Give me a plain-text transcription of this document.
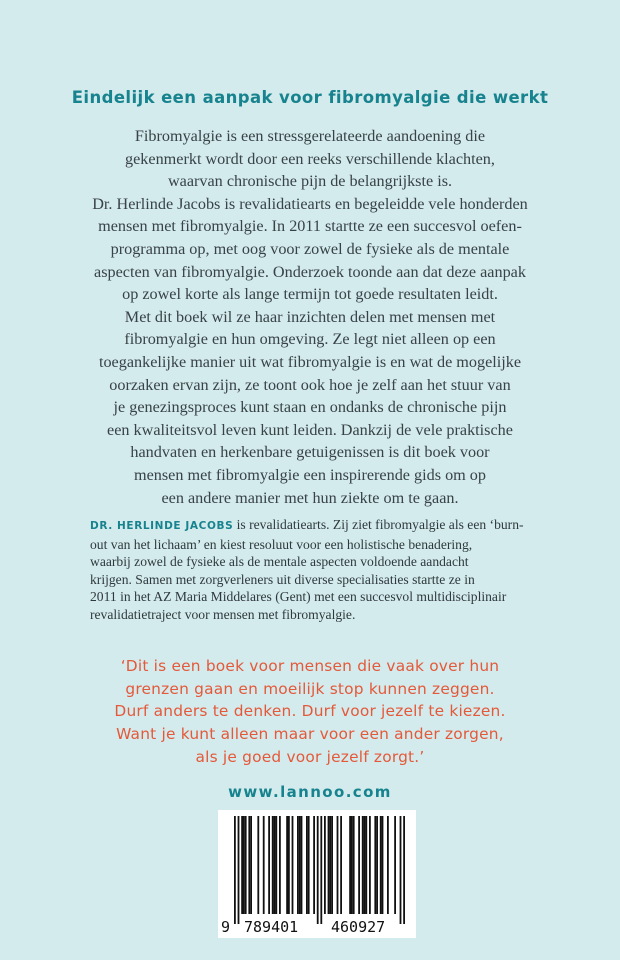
Eindelijk een aanpak voor fibromyalgie die werkt

Fibromyalgie is een stressgerelateerde aandoening die
gekenmerkt wordt door een reeks verschillende klachten,
waarvan chronische pijn de belangrijkste is.
Dr. Herlinde Jacobs is revalidatiearts en begeleidde vele honderden
mensen met fibromyalgie. In 2011 startte ze een succesvol oefen-
programma op, met oog voor zowel de fysieke als de mentale
aspecten van fibromyalgie. Onderzoek toonde aan dat deze aanpak
op zowel korte als lange termijn tot goede resultaten leidt.
Met dit boek wil ze haar inzichten delen met mensen met
fibromyalgie en hun omgeving. Ze legt niet alleen op een
toegankelijke manier uit wat fibromyalgie is en wat de mogelijke
oorzaken ervan zijn, ze toont ook hoe je zelf aan het stuur van
je genezingsproces kunt staan en ondanks de chronische pijn
een kwaliteitsvol leven kunt leiden. Dankzij de vele praktische
handvaten en herkenbare getuigenissen is dit boek voor
mensen met fibromyalgie een inspirerende gids om op
een andere manier met hun ziekte om te gaan.

DR. HERLINDE JACOBS is revalidatiearts. Zij ziet fibromyalgie als een ‘burn-
out van het lichaam’ en kiest resoluut voor een holistische benadering,
waarbij zowel de fysieke als de mentale aspecten voldoende aandacht
krijgen. Samen met zorgverleners uit diverse specialisaties startte ze in
2011 in het AZ Maria Middelares (Gent) met een succesvol multidisciplinair
revalidatietraject voor mensen met fibromyalgie.
‘Dit is een boek voor mensen die vaak over hun
grenzen gaan en moeilijk stop kunnen zeggen.
Durf anders te denken. Durf voor jezelf te kiezen.
Want je kunt alleen maar voor een ander zorgen,
als je goed voor jezelf zorgt.’
www.lannoo.com
9 789401 460927
